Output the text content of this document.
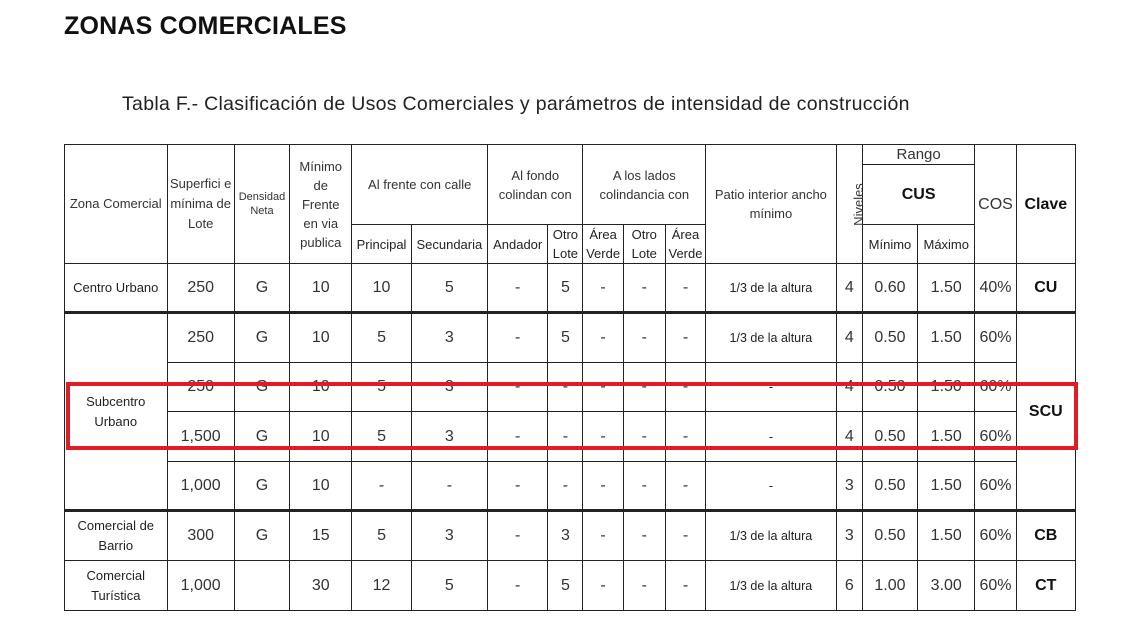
ZONAS COMERCIALES
Tabla F.- Clasificación de Usos Comerciales y parámetros de intensidad de construcción
Zona Comercial	Superfici e mínima de Lote	Densidad Neta	Mínimo de Frente en via publica	Al frente con calle		Al fondo colindan con		A los lados colindancia con			Patio interior ancho mínimo	Niveles	Rango		COS	Clave
													CUS			
				Principal	Secundaria	Andador	Otro Lote	Área Verde	Otro Lote	Área Verde			Mínimo	Máximo		
Centro Urbano	250	G	10	10	5	-	5	-	-	-	1/3 de la altura	4	0.60	1.50	40%	CU

Subcentro Urbano	250	G	10	5	3	-	5	-	-	-	1/3 de la altura	4	0.50	1.50	60%	SCU
	250	G	10	5	3	-	-	-	-	-	-	4	0.50	1.50	60%	
	1,500	G	10	5	3	-	-	-	-	-	-	4	0.50	1.50	60%	
	1,000	G	10	-	-	-	-	-	-	-	-	3	0.50	1.50	60%	

Comercial de Barrio	300	G	15	5	3	-	3	-	-	-	1/3 de la altura	3	0.50	1.50	60%	CB

Comercial Turística	1,000		30	12	5	-	5	-	-	-	1/3 de la altura	6	1.00	3.00	60%	CT
